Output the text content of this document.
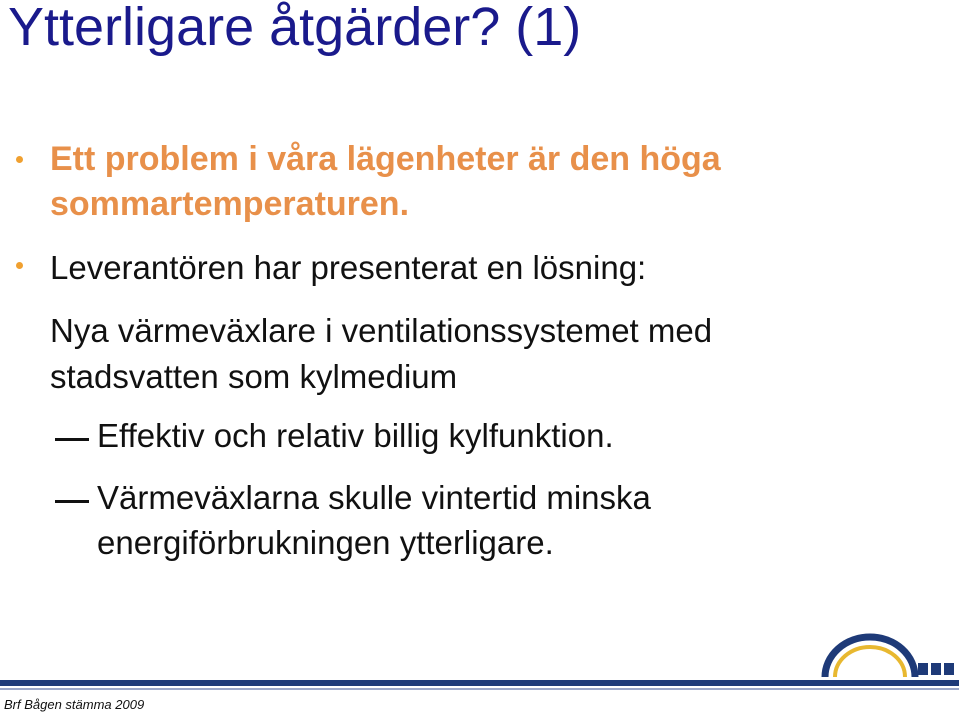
Ytterligare åtgärder? (1)

Ett problem i våra lägenheter är den höga
sommartemperaturen.

Leverantören har presenterat en lösning:

Nya värmeväxlare i ventilationssystemet med
stadsvatten som kylmedium

Effektiv och relativ billig kylfunktion.

Värmeväxlarna skulle vintertid minska
energiförbrukningen ytterligare.

Brf Bågen stämma 2009
